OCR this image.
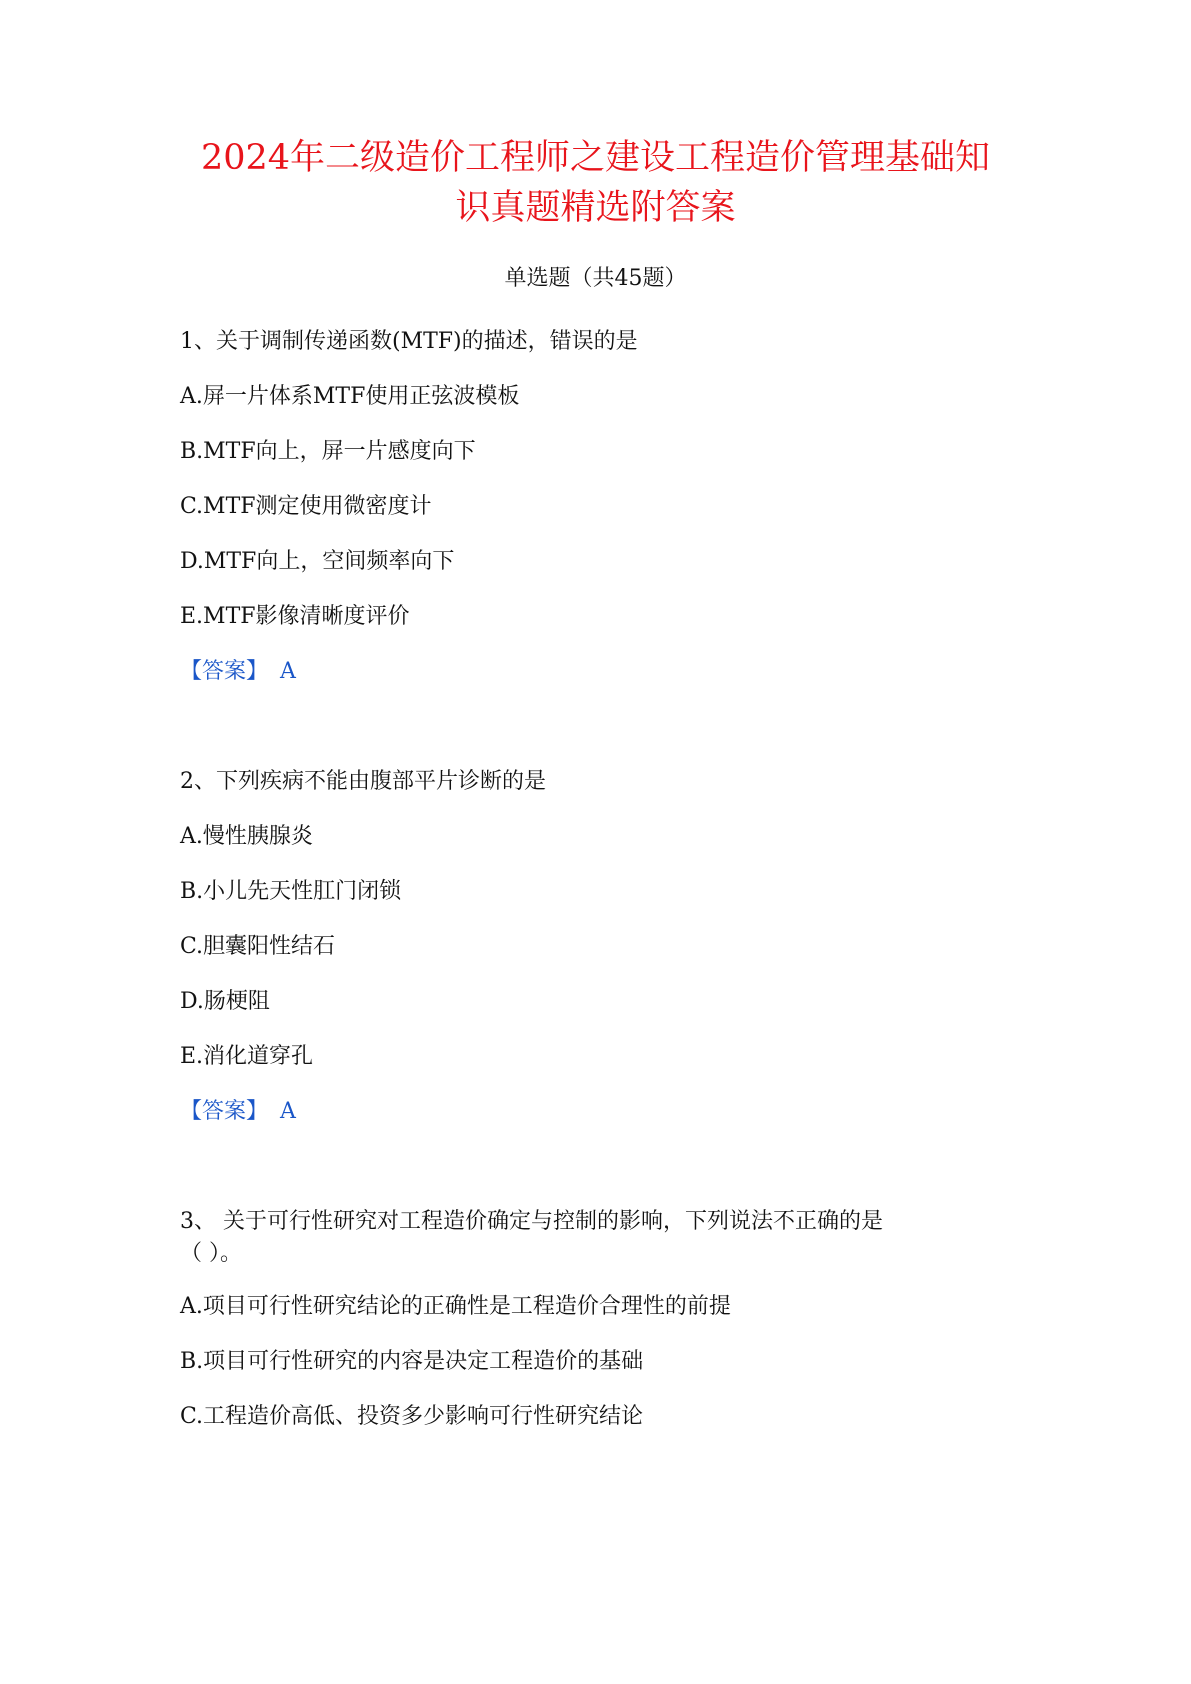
2024年二级造价工程师之建设工程造价管理基础知
识真题精选附答案
单选题（共45题）
1、关于调制传递函数(MTF)的描述，错误的是
A.屏一片体系MTF使用正弦波模板
B.MTF向上，屏一片感度向下
C.MTF测定使用微密度计
D.MTF向上，空间频率向下
E.MTF影像清晰度评价
【答案】 A
2、下列疾病不能由腹部平片诊断的是
A.慢性胰腺炎
B.小儿先天性肛门闭锁
C.胆囊阳性结石
D.肠梗阻
E.消化道穿孔
【答案】 A
3、 关于可行性研究对工程造价确定与控制的影响，下列说法不正确的是
（ ）。
A.项目可行性研究结论的正确性是工程造价合理性的前提
B.项目可行性研究的内容是决定工程造价的基础
C.工程造价高低、投资多少影响可行性研究结论
